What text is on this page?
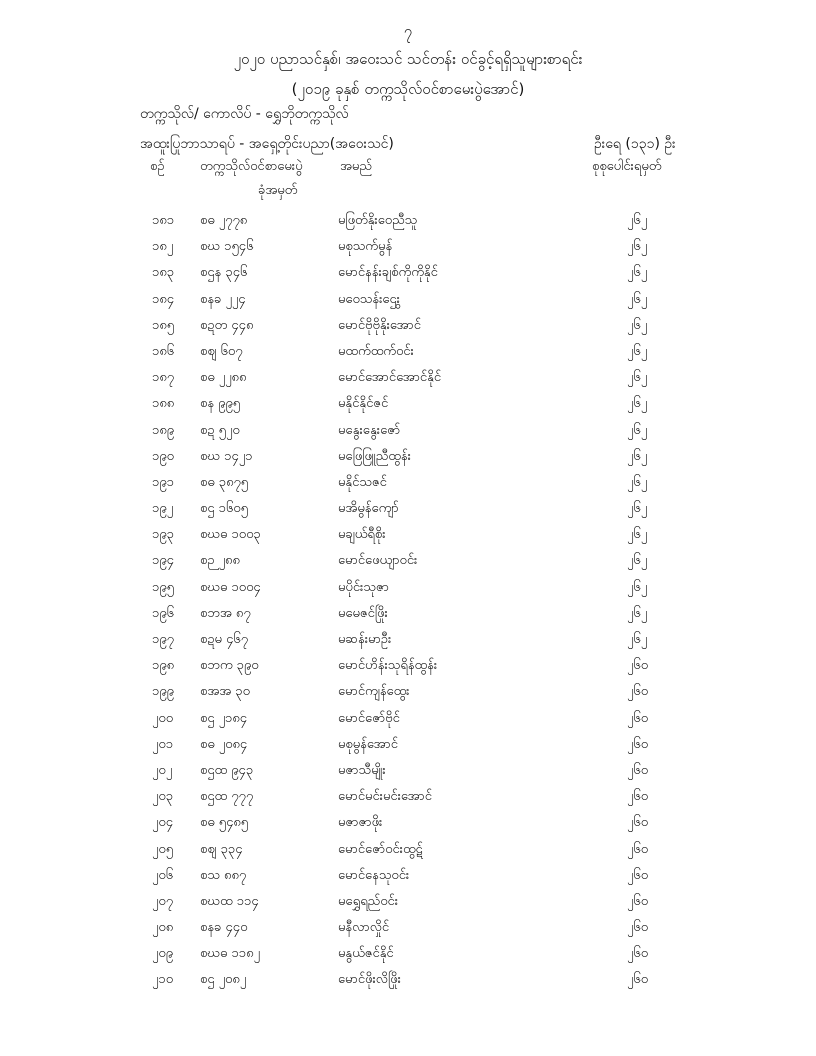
၇
၂၀၂၀ ပညာသင်နှစ်၊ အဝေးသင် သင်တန်း ဝင်ခွင့်ရရှိသူများစာရင်း
(၂၀၁၉ ခုနှစ် တက္ကသိုလ်ဝင်စာမေးပွဲအောင်)
တက္ကသိုလ်/ ကောလိပ် - ရွှေဘိုတက္ကသိုလ်
အထူးပြုဘာသာရပ် - အရှေ့တိုင်းပညာ(အဝေးသင်)	ဦးရေ (၁၃၁) ဦး
စဉ်	တက္ကသိုလ်ဝင်စာမေးပွဲ
ခုံအမှတ်
အမည်	စုစုပေါင်းရမှတ်
၁၈၁ စဓ ၂၇၇၈	မဖြတ်နိုးဝေညီသူ	၂၆၂
၁၈၂ စဃ ၁၅၄၆	မစုသက်မွန်	၂၆၂
၁၈၃ စဌန ၃၄၆	မောင်နန်းချစ်ကိုကိုနိုင်	၂၆၂
၁၈၄ စနခ ၂၂၄	မဝေသန်းဌွေး	၂၆၂
၁၈၅ စဍတ ၄၄၈	မောင်ဗိုဗိုနိုးအောင်	၂၆၂
၁၈၆ စဈ ၆၀၇	မထက်ထက်ဝင်း	၂၆၂
၁၈၇ စဓ ၂၂၈၈	မောင်အောင်အောင်နိုင်	၂၆၂
၁၈၈ စန ၉၉၅	မနိုင်နိုင်ဇင်	၂၆၂
၁၈၉ စဍ ၅၂၀	မနွေးနွေးဇော်	၂၆၂
၁၉၀ စဃ ၁၄၂၁	မဖြေဖြူညီထွန်း	၂၆၂
၁၉၁ စဓ ၃၈၇၅	မနိုင်သဇင်	၂၆၂
၁၉၂ စဌ ၁၆၀၅	မအိမွန်ကျော်	၂၆၂
၁၉၃ စဃဓ ၁၀၀၃	မချယ်ရီစိုး	၂၆၂
၁၉၄ စဉ ၂၈၈	မောင်ဖေယျာဝင်း	၂၆၂
၁၉၅ စဃဓ ၁၀၀၄	မပိုင်းသုဇာ	၂၆၂
၁၉၆ စဘအ ၈၇	မမေဇင်ဖြိုး	၂၆၂
၁၉၇ စဍမ ၄၆၇	မဆန်းမာဦး	၂၆၂
၁၉၈ စဘက ၃၉၀	မောင်ဟိန်းသုရိန်ထွန်း	၂၆၀
၁၉၉ စအအ ၃၀	မောင်ကျန်ထွေး	၂၆၀
၂၀၀ စဌ ၂၁၈၄	မောင်ဇော်ဗိုင်	၂၆၀
၂၀၁ စဓ ၂၀၈၄	မစုမွန်အောင်	၂၆၀
၂၀၂ စဌထ ၉၄၃	မဇာသီမျိုး	၂၆၀
၂၀၃ စဌထ ၇၇၇	မောင်မင်းမင်းအောင်	၂၆၀
၂၀၄ စဓ ၅၄၈၅	မဇာဇာဖိုး	၂၆၀
၂၀၅ စဈ ၃၃၄	မောင်ဇော်ဝင်းထွဋ်	၂၆၀
၂၀၆ စသ ၈၈၇	မောင်နေသုဝင်း	၂၆၀
၂၀၇ စဃထ ၁၁၄	မရွှေရည်ဝင်း	၂၆၀
၂၀၈ စနခ ၄၄၀	မနီလာလှိုင်	၂၆၀
၂၀၉ စဃဓ ၁၁၈၂	မနွယ်ဇင်နိုင်	၂၆၀
၂၁၀ စဌ ၂၀၈၂	မောင်ဖိုးလိဖြိုး	၂၆၀
